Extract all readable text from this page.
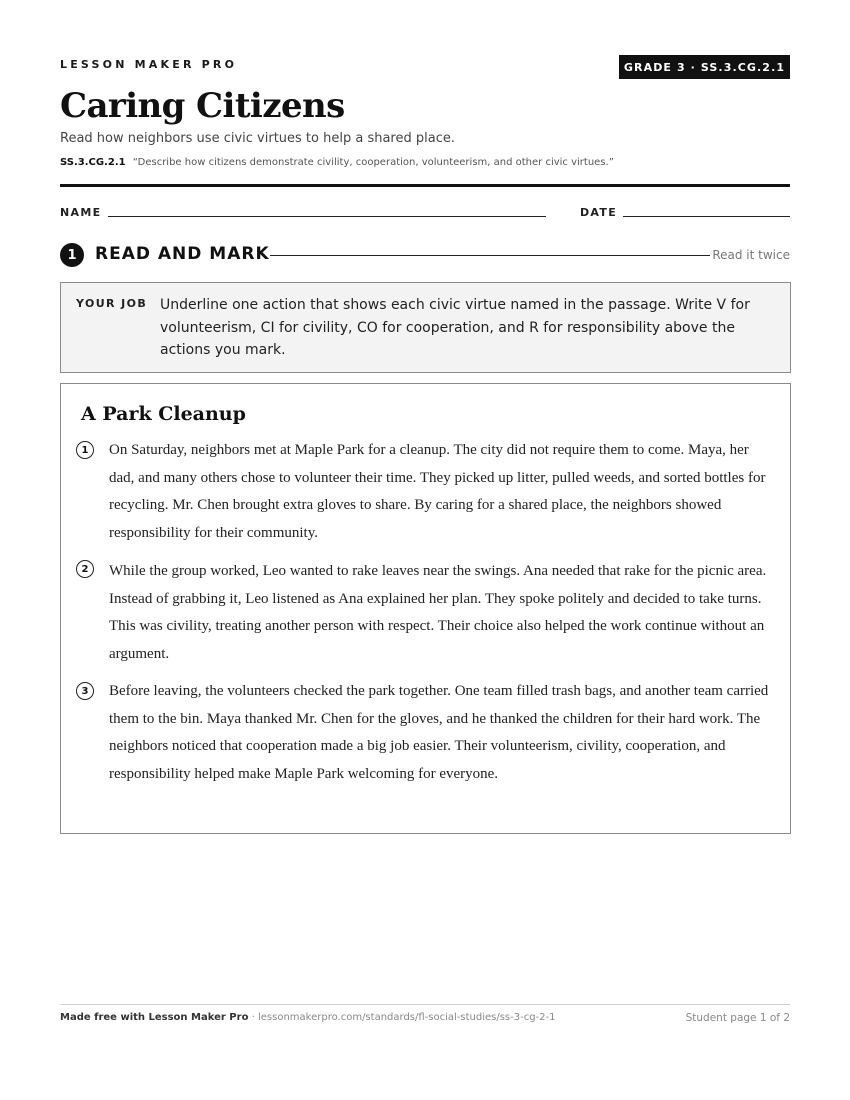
LESSON MAKER PRO	GRADE 3 · SS.3.CG.2.1
Caring Citizens
Read how neighbors use civic virtues to help a shared place.
SS.3.CG.2.1 “Describe how citizens demonstrate civility, cooperation, volunteerism, and other civic virtues.”
NAME	DATE
1	READ AND MARK	Read it twice
YOUR JOB Underline one action that shows each civic virtue named in the passage. Write V for volunteerism, CI for civility, CO for cooperation, and R for responsibility above the actions you mark.
A Park Cleanup
1	On Saturday, neighbors met at Maple Park for a cleanup. The city did not require them to come. Maya, her dad, and many others chose to volunteer their time. They picked up litter, pulled weeds, and sorted bottles for recycling. Mr. Chen brought extra gloves to share. By caring for a shared place, the neighbors showed responsibility for their community.

2	While the group worked, Leo wanted to rake leaves near the swings. Ana needed that rake for the picnic area. Instead of grabbing it, Leo listened as Ana explained her plan. They spoke politely and decided to take turns. This was civility, treating another person with respect. Their choice also helped the work continue without an argument.

3	Before leaving, the volunteers checked the park together. One team filled trash bags, and another team carried them to the bin. Maya thanked Mr. Chen for the gloves, and he thanked the children for their hard work. The neighbors noticed that cooperation made a big job easier. Their volunteerism, civility, cooperation, and responsibility helped make Maple Park welcoming for everyone.

Made free with Lesson Maker Pro · lessonmakerpro.com/standards/fl-social-studies/ss-3-cg-2-1	Student page 1 of 2
